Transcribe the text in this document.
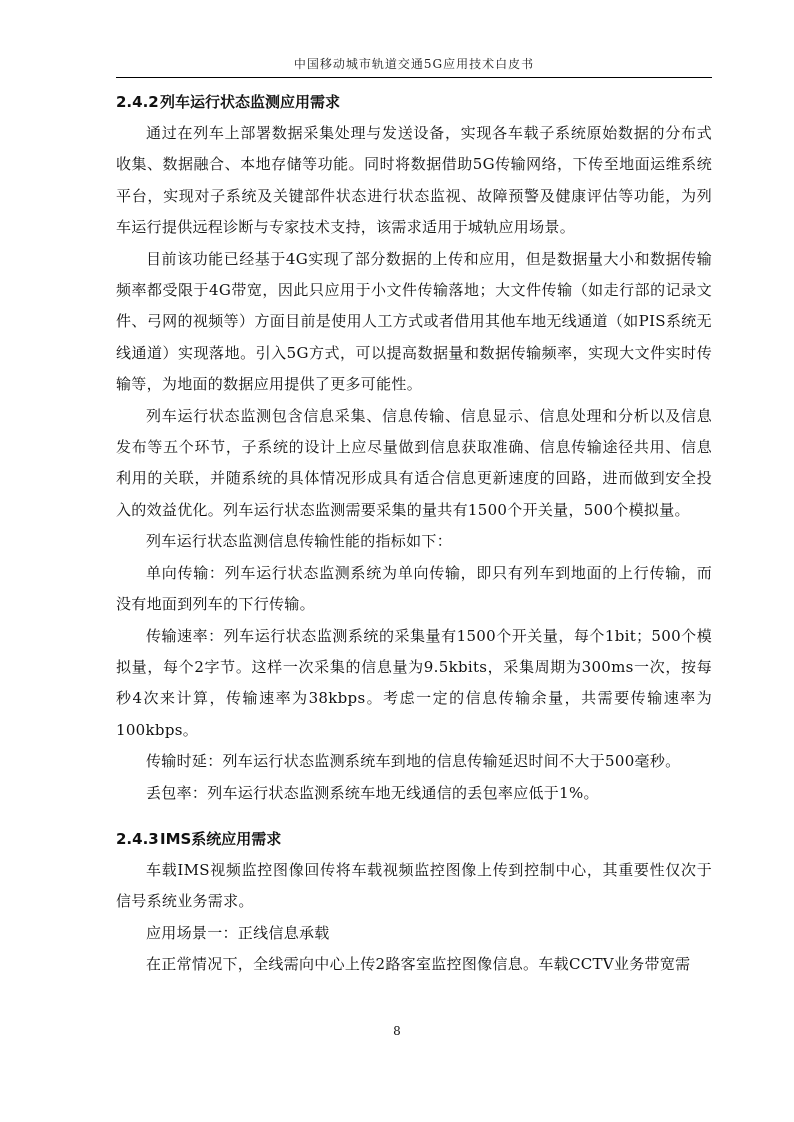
中国移动城市轨道交通5G应用技术白皮书
2.4.2列车运行状态监测应用需求

通过在列车上部署数据采集处理与发送设备，实现各车载子系统原始数据的分布式收集、数据融合、本地存储等功能。同时将数据借助5G传输网络，下传至地面运维系统平台，实现对子系统及关键部件状态进行状态监视、故障预警及健康评估等功能，为列车运行提供远程诊断与专家技术支持，该需求适用于城轨应用场景。

目前该功能已经基于4G实现了部分数据的上传和应用，但是数据量大小和数据传输频率都受限于4G带宽，因此只应用于小文件传输落地；大文件传输（如走行部的记录文件、弓网的视频等）方面目前是使用人工方式或者借用其他车地无线通道（如PIS系统无线通道）实现落地。引入5G方式，可以提高数据量和数据传输频率，实现大文件实时传输等，为地面的数据应用提供了更多可能性。

列车运行状态监测包含信息采集、信息传输、信息显示、信息处理和分析以及信息发布等五个环节，子系统的设计上应尽量做到信息获取准确、信息传输途径共用、信息利用的关联，并随系统的具体情况形成具有适合信息更新速度的回路，进而做到安全投入的效益优化。列车运行状态监测需要采集的量共有1500个开关量，500个模拟量。

列车运行状态监测信息传输性能的指标如下：

单向传输：列车运行状态监测系统为单向传输，即只有列车到地面的上行传输，而没有地面到列车的下行传输。

传输速率：列车运行状态监测系统的采集量有1500个开关量，每个1bit；500个模拟量，每个2字节。这样一次采集的信息量为9.5kbits，采集周期为300ms一次，按每秒4次来计算，传输速率为38kbps。考虑一定的信息传输余量，共需要传输速率为100kbps。

传输时延：列车运行状态监测系统车到地的信息传输延迟时间不大于500毫秒。

丢包率：列车运行状态监测系统车地无线通信的丢包率应低于1%。

2.4.3IMS系统应用需求

车载IMS视频监控图像回传将车载视频监控图像上传到控制中心，其重要性仅次于信号系统业务需求。

应用场景一：正线信息承载

在正常情况下，全线需向中心上传2路客室监控图像信息。车载CCTV业务带宽需

8
